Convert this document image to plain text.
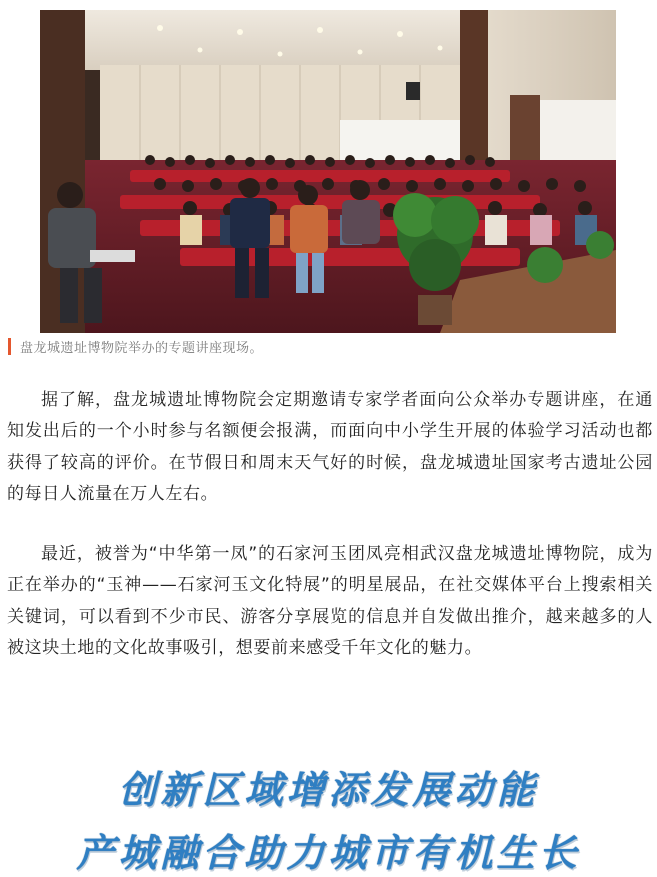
盘龙城遗址博物院举办的专题讲座现场。

据了解，盘龙城遗址博物院会定期邀请专家学者面向公众举办专题讲座，在通知发出后的一个小时参与名额便会报满，而面向中小学生开展的体验学习活动也都获得了较高的评价。在节假日和周末天气好的时候，盘龙城遗址国家考古遗址公园的每日人流量在万人左右。

最近，被誉为“中华第一凤”的石家河玉团凤亮相武汉盘龙城遗址博物院，成为正在举办的“玉神——石家河玉文化特展”的明星展品，在社交媒体平台上搜索相关关键词，可以看到不少市民、游客分享展览的信息并自发做出推介，越来越多的人被这块土地的文化故事吸引，想要前来感受千年文化的魅力。

创新区域增添发展动能
产城融合助力城市有机生长
